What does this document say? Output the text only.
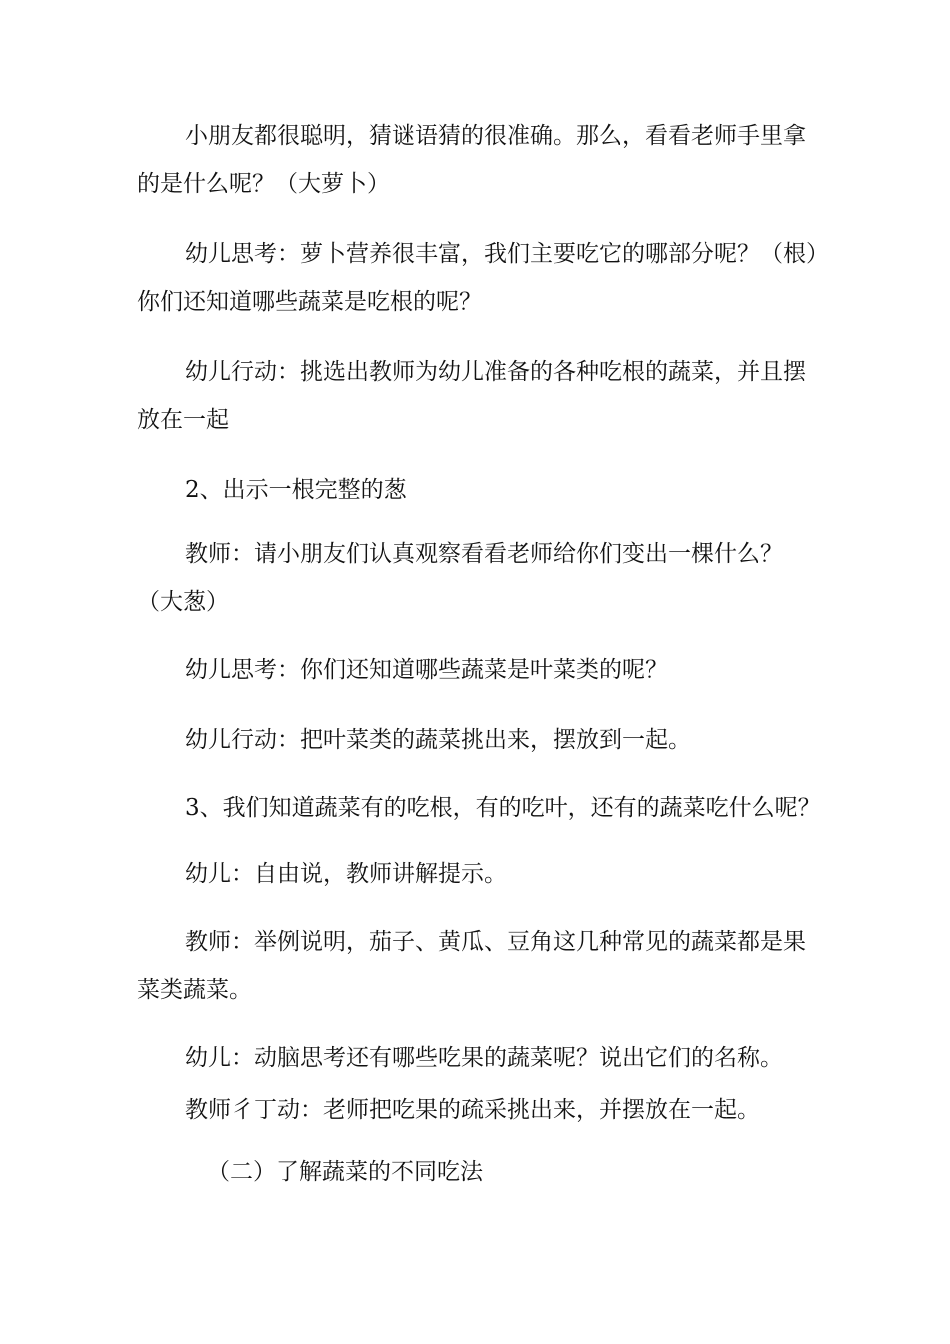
小朋友都很聪明，猜谜语猜的很准确。那么，看看老师手里拿的是什么呢？（大萝卜）

幼儿思考：萝卜营养很丰富，我们主要吃它的哪部分呢？（根）你们还知道哪些蔬菜是吃根的呢？

幼儿行动：挑选出教师为幼儿准备的各种吃根的蔬菜，并且摆放在一起

2、出示一根完整的葱

教师：请小朋友们认真观察看看老师给你们变出一棵什么？（大葱）

幼儿思考：你们还知道哪些蔬菜是叶菜类的呢？

幼儿行动：把叶菜类的蔬菜挑出来，摆放到一起。

3、我们知道蔬菜有的吃根，有的吃叶，还有的蔬菜吃什么呢？

幼儿：自由说，教师讲解提示。

教师：举例说明，茄子、黄瓜、豆角这几种常见的蔬菜都是果菜类蔬菜。

幼儿：动脑思考还有哪些吃果的蔬菜呢？说出它们的名称。

教师彳丁动：老师把吃果的疏采挑出来，并摆放在一起。

（二）了解蔬菜的不同吃法
